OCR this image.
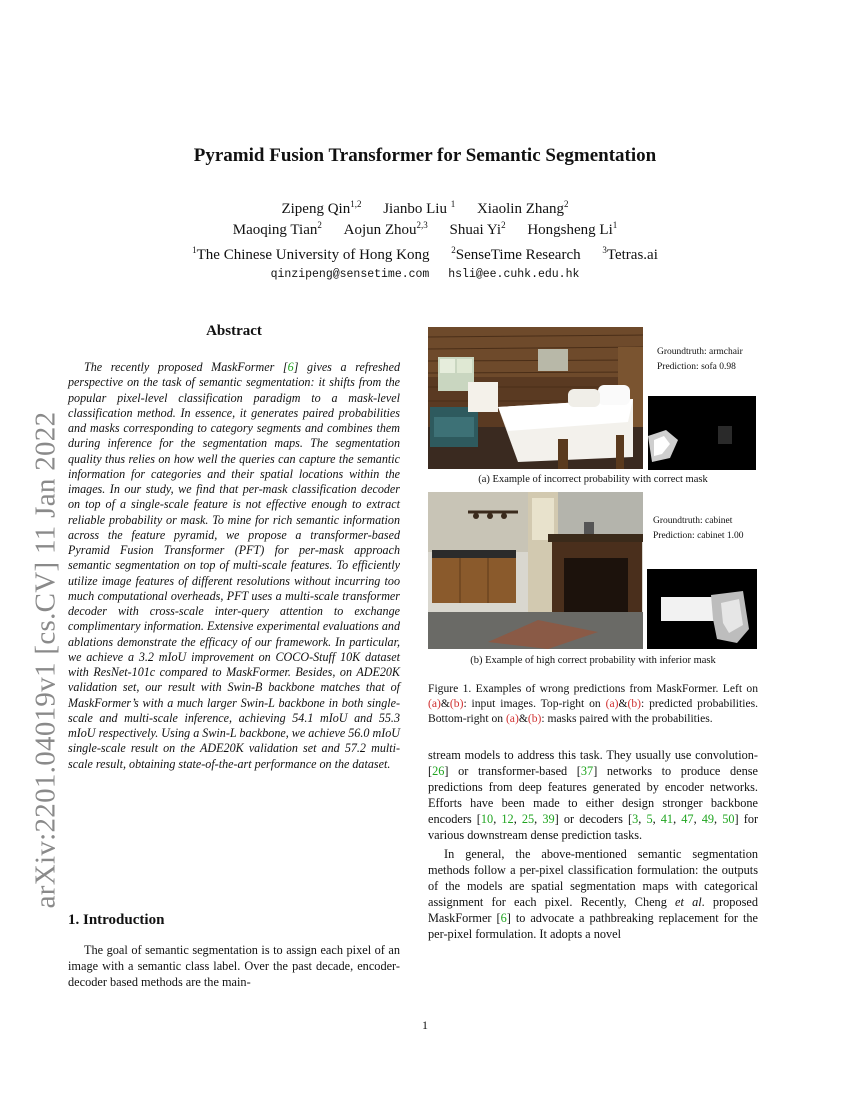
arXiv:2201.04019v1 [cs.CV] 11 Jan 2022
Pyramid Fusion Transformer for Semantic Segmentation
Zipeng Qin$^{1,2}$ Jianbo Liu $^1$ Xiaolin Zhang$^2$
Maoqing Tian$^2$ Aojun Zhou$^{2,3}$ Shuai Yi$^2$ Hongsheng Li$^1$
$^1$The Chinese University of Hong Kong $^2$SenseTime Research $^3$Tetras.ai
qinzipeng@sensetime.com hsli@ee.cuhk.edu.hk
Abstract
The recently proposed MaskFormer [6] gives a refreshed perspective on the task of semantic segmentation: it shifts from the popular pixel-level classification paradigm to a mask-level classification method. In essence, it generates paired probabilities and masks corresponding to category segments and combines them during inference for the segmentation maps. The segmentation quality thus relies on how well the queries can capture the semantic information for categories and their spatial locations within the images. In our study, we find that per-mask classification decoder on top of a single-scale feature is not effective enough to extract reliable probability or mask. To mine for rich semantic information across the feature pyramid, we propose a transformer-based Pyramid Fusion Transformer (PFT) for per-mask approach semantic segmentation on top of multi-scale features. To efficiently utilize image features of different resolutions without incurring too much computational overheads, PFT uses a multi-scale transformer decoder with cross-scale inter-query attention to exchange complimentary information. Extensive experimental evaluations and ablations demonstrate the efficacy of our framework. In particular, we achieve a 3.2 mIoU improvement on COCO-Stuff 10K dataset with ResNet-101c compared to MaskFormer. Besides, on ADE20K validation set, our result with Swin-B backbone matches that of MaskFormer’s with a much larger Swin-L backbone in both single-scale and multi-scale inference, achieving 54.1 mIoU and 55.3 mIoU respectively. Using a Swin-L backbone, we achieve 56.0 mIoU single-scale result on the ADE20K validation set and 57.2 multi-scale result, obtaining state-of-the-art performance on the dataset.
1. Introduction
The goal of semantic segmentation is to assign each pixel of an image with a semantic class label. Over the past decade, encoder-decoder based methods are the main-
Groundtruth: armchair
Prediction: sofa 0.98
(a) Example of incorrect probability with correct mask
Groundtruth: cabinet
Prediction: cabinet 1.00
(b) Example of high correct probability with inferior mask
Figure 1. Examples of wrong predictions from MaskFormer. Left on (a)&(b): input images. Top-right on (a)&(b): predicted probabilities. Bottom-right on (a)&(b): masks paired with the probabilities.

stream models to address this task. They usually use convolution- [26] or transformer-based [37] networks to produce dense predictions from deep features generated by encoder networks. Efforts have been made to either design stronger backbone encoders [10, 12, 25, 39] or decoders [3, 5, 41, 47, 49, 50] for various downstream dense prediction tasks.

In general, the above-mentioned semantic segmentation methods follow a per-pixel classification formulation: the outputs of the models are spatial segmentation maps with categorical assignment for each pixel. Recently, Cheng et al. proposed MaskFormer [6] to advocate a pathbreaking replacement for the per-pixel formulation. It adopts a novel

1
